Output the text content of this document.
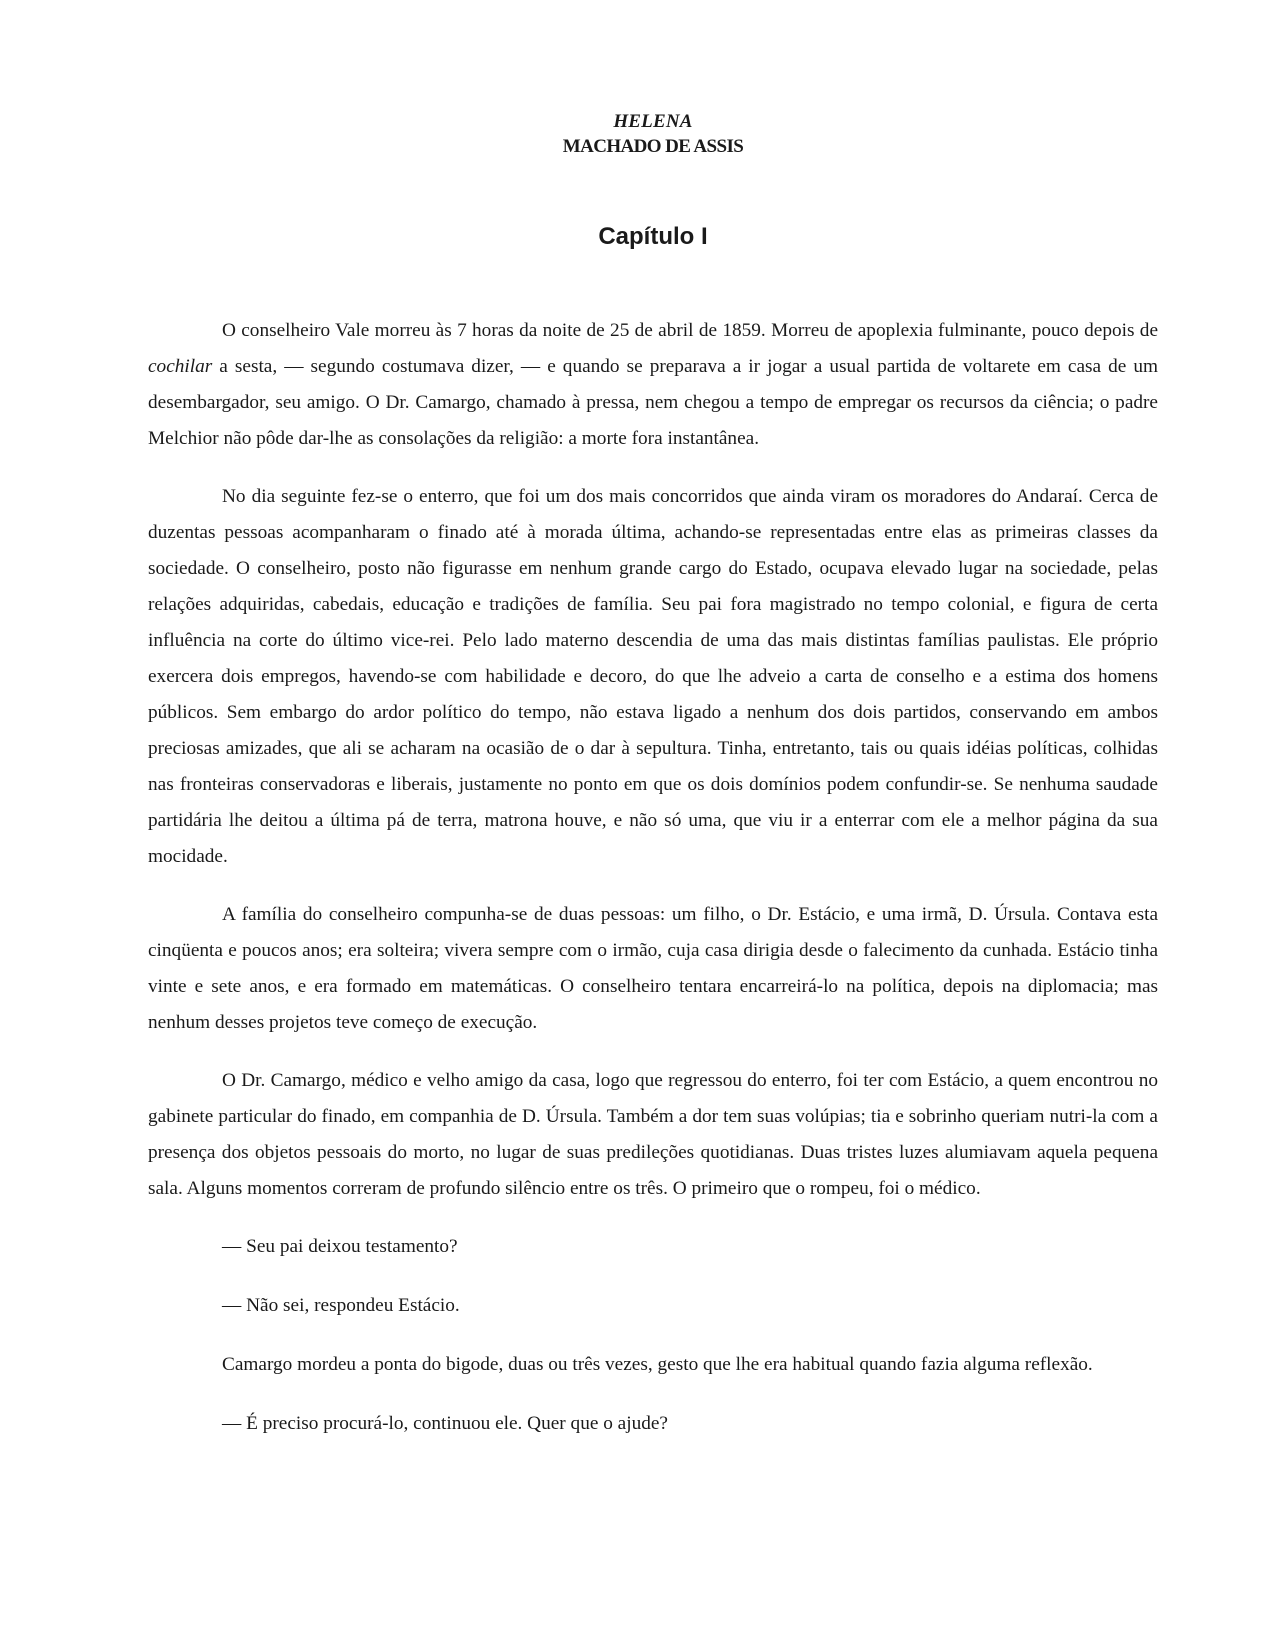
HELENA
MACHADO DE ASSIS
Capítulo I

O conselheiro Vale morreu às 7 horas da noite de 25 de abril de 1859. Morreu de apoplexia fulminante, pouco depois de cochilar a sesta, — segundo costumava dizer, — e quando se preparava a ir jogar a usual partida de voltarete em casa de um desembargador, seu amigo. O Dr. Camargo, chamado à pressa, nem chegou a tempo de empregar os recursos da ciência; o padre Melchior não pôde dar-lhe as consolações da religião: a morte fora instantânea.

No dia seguinte fez-se o enterro, que foi um dos mais concorridos que ainda viram os moradores do Andaraí. Cerca de duzentas pessoas acompanharam o finado até à morada última, achando-se representadas entre elas as primeiras classes da sociedade. O conselheiro, posto não figurasse em nenhum grande cargo do Estado, ocupava elevado lugar na sociedade, pelas relações adquiridas, cabedais, educação e tradições de família. Seu pai fora magistrado no tempo colonial, e figura de certa influência na corte do último vice-rei. Pelo lado materno descendia de uma das mais distintas famílias paulistas. Ele próprio exercera dois empregos, havendo-se com habilidade e decoro, do que lhe adveio a carta de conselho e a estima dos homens públicos. Sem embargo do ardor político do tempo, não estava ligado a nenhum dos dois partidos, conservando em ambos preciosas amizades, que ali se acharam na ocasião de o dar à sepultura. Tinha, entretanto, tais ou quais idéias políticas, colhidas nas fronteiras conservadoras e liberais, justamente no ponto em que os dois domínios podem confundir-se. Se nenhuma saudade partidária lhe deitou a última pá de terra, matrona houve, e não só uma, que viu ir a enterrar com ele a melhor página da sua mocidade.

A família do conselheiro compunha-se de duas pessoas: um filho, o Dr. Estácio, e uma irmã, D. Úrsula. Contava esta cinqüenta e poucos anos; era solteira; vivera sempre com o irmão, cuja casa dirigia desde o falecimento da cunhada. Estácio tinha vinte e sete anos, e era formado em matemáticas. O conselheiro tentara encarreirá-lo na política, depois na diplomacia; mas nenhum desses projetos teve começo de execução.

O Dr. Camargo, médico e velho amigo da casa, logo que regressou do enterro, foi ter com Estácio, a quem encontrou no gabinete particular do finado, em companhia de D. Úrsula. Também a dor tem suas volúpias; tia e sobrinho queriam nutri-la com a presença dos objetos pessoais do morto, no lugar de suas predileções quotidianas. Duas tristes luzes alumiavam aquela pequena sala. Alguns momentos correram de profundo silêncio entre os três. O primeiro que o rompeu, foi o médico.

— Seu pai deixou testamento?

— Não sei, respondeu Estácio.

Camargo mordeu a ponta do bigode, duas ou três vezes, gesto que lhe era habitual quando fazia alguma reflexão.

— É preciso procurá-lo, continuou ele. Quer que o ajude?
